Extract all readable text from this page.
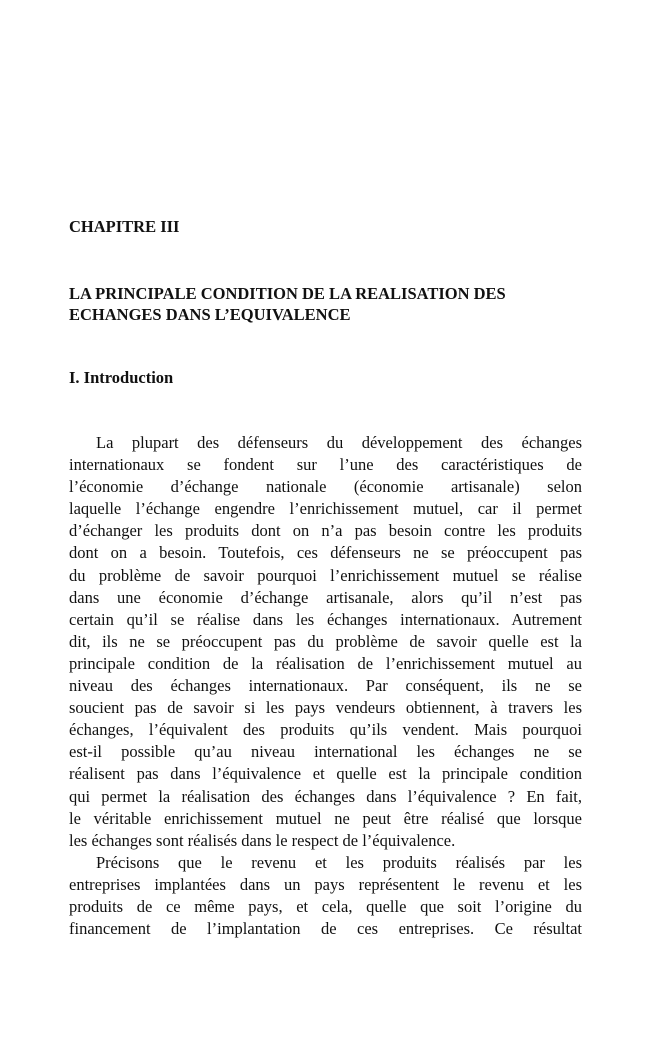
CHAPITRE III
LA PRINCIPALE CONDITION DE LA REALISATION DES
ECHANGES DANS L’EQUIVALENCE
I. Introduction

La plupart des défenseurs du développement des échanges
internationaux se fondent sur l’une des caractéristiques de
l’économie d’échange nationale (économie artisanale) selon
laquelle l’échange engendre l’enrichissement mutuel, car il permet
d’échanger les produits dont on n’a pas besoin contre les produits
dont on a besoin. Toutefois, ces défenseurs ne se préoccupent pas
du problème de savoir pourquoi l’enrichissement mutuel se réalise
dans une économie d’échange artisanale, alors qu’il n’est pas
certain qu’il se réalise dans les échanges internationaux. Autrement
dit, ils ne se préoccupent pas du problème de savoir quelle est la
principale condition de la réalisation de l’enrichissement mutuel au
niveau des échanges internationaux. Par conséquent, ils ne se
soucient pas de savoir si les pays vendeurs obtiennent, à travers les
échanges, l’équivalent des produits qu’ils vendent. Mais pourquoi
est-il possible qu’au niveau international les échanges ne se
réalisent pas dans l’équivalence et quelle est la principale condition
qui permet la réalisation des échanges dans l’équivalence ? En fait,
le véritable enrichissement mutuel ne peut être réalisé que lorsque
les échanges sont réalisés dans le respect de l’équivalence.

Précisons que le revenu et les produits réalisés par les
entreprises implantées dans un pays représentent le revenu et les
produits de ce même pays, et cela, quelle que soit l’origine du
financement de l’implantation de ces entreprises. Ce résultat
